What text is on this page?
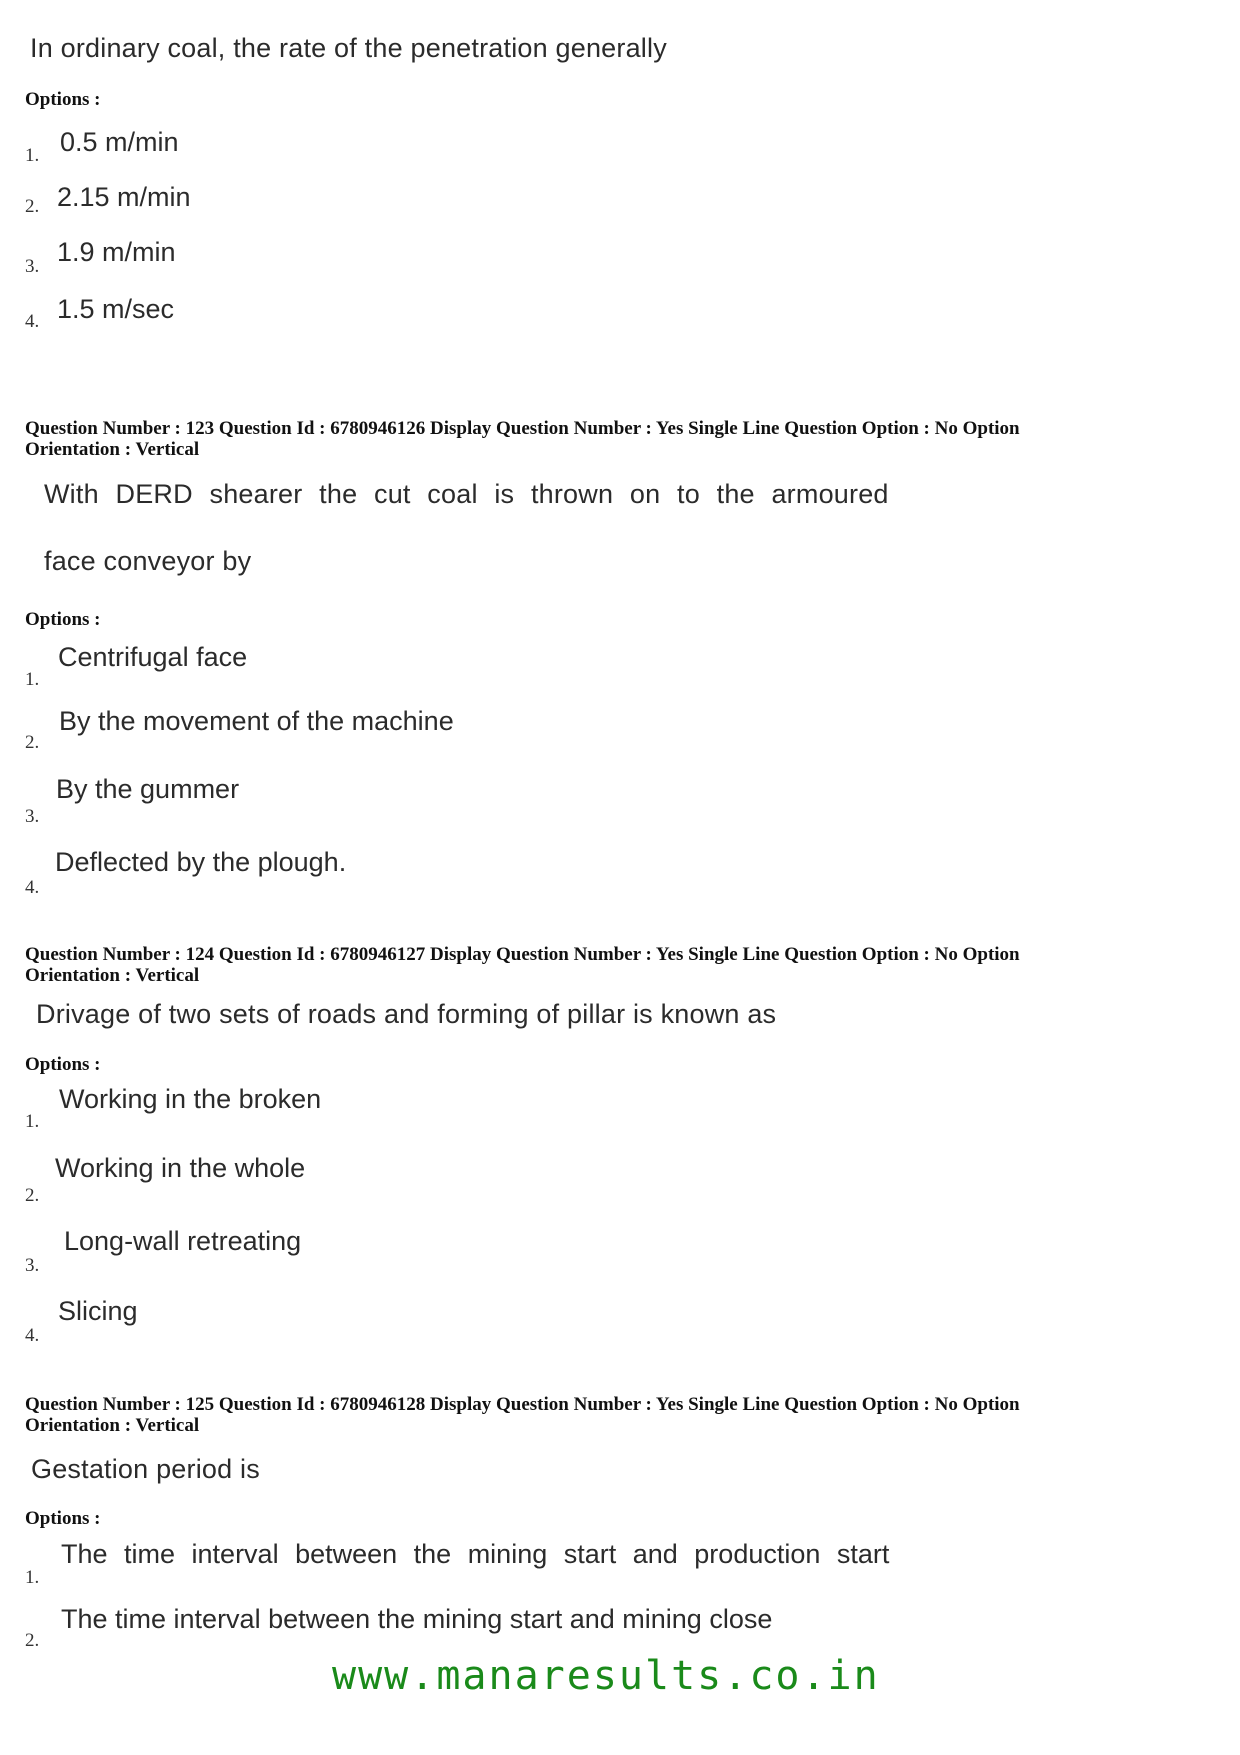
In ordinary coal, the rate of the penetration generally
Options :
1. 0.5 m/min
2. 2.15 m/min
3. 1.9 m/min
4. 1.5 m/sec
Question Number : 123 Question Id : 6780946126 Display Question Number : Yes Single Line Question Option : No Option
Orientation : Vertical
With DERD shearer the cut coal is thrown on to the armoured
face conveyor by
Options :
1.
Centrifugal face
2.
By the movement of the machine
3.
By the gummer
4.
Deflected by the plough.
Question Number : 124 Question Id : 6780946127 Display Question Number : Yes Single Line Question Option : No Option
Orientation : Vertical
Drivage of two sets of roads and forming of pillar is known as
Options :
1.
Working in the broken
2.
Working in the whole
3.
Long-wall retreating
4.
Slicing
Question Number : 125 Question Id : 6780946128 Display Question Number : Yes Single Line Question Option : No Option
Orientation : Vertical
Gestation period is
Options :
1.
The time interval between the mining start and production start
2.
The time interval between the mining start and mining close
www.manaresults.co.in
